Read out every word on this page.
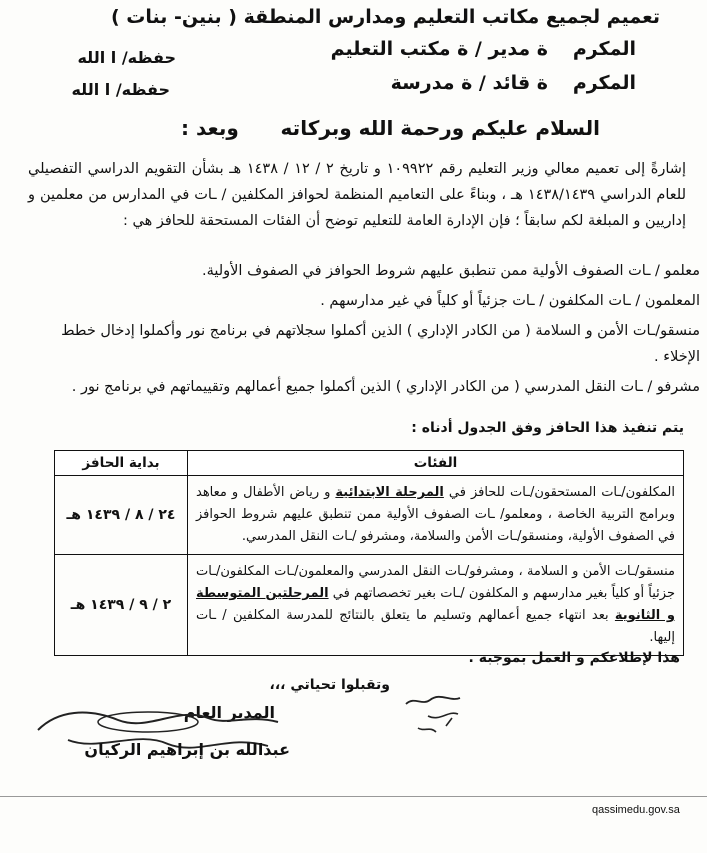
تعميم لجميع مكاتب التعليم ومدارس المنطقة ( بنين- بنات )
المكرم
ة مدير / ة مكتب التعليم
حفظه/ ا الله
المكرم
ة قائد / ة مدرسة
حفظه/ ا الله
السلام عليكم ورحمة الله وبركاته      وبعد :
إشارةً إلى تعميم معالي وزير التعليم رقم ١٠٩٩٢٢ و تاريخ ٢ / ١٢ / ١٤٣٨ هـ بشأن التقويم الدراسي التفصيلي للعام الدراسي ١٤٣٨/١٤٣٩ هـ ، وبناءً على التعاميم المنظمة لحوافز المكلفين / ـات في المدارس من معلمين و إداريين و المبلغة لكم سابقاً ؛ فإن الإدارة العامة للتعليم توضح أن الفئات المستحقة للحافز هي :
• معلمو / ـات الصفوف الأولية ممن تنطبق عليهم شروط الحوافز في الصفوف الأولية.
• المعلمون / ـات المكلفون / ـات جزئياً أو كلياً في غير مدارسهم .
• منسقو/ـات الأمن و السلامة ( من الكادر الإداري ) الذين أكملوا سجلاتهم في برنامج نور وأكملوا إدخال خطط الإخلاء .
• مشرفو / ـات النقل المدرسي ( من الكادر الإداري ) الذين أكملوا جميع أعمالهم وتقييماتهم في برنامج نور .
يتم تنفيذ هذا الحافز وفق الجدول أدناه :
الفئات	بداية الحافز
المكلفون/ـات المستحقون/ـات للحافز في المرحلة الابتدائية و رياض الأطفال و معاهد وبرامج التربية الخاصة ، ومعلمو/ ـات الصفوف الأولية ممن تنطبق عليهم شروط الحوافز في الصفوف الأولية، ومنسقو/ـات الأمن والسلامة، ومشرفو /ـات النقل المدرسي.	٢٤ / ٨ / ١٤٣٩ هـ
منسقو/ـات الأمن و السلامة ، ومشرفو/ـات النقل المدرسي والمعلمون/ـات المكلفون/ـات جزئياً أو كلياً بغير مدارسهم و المكلفون /ـات بغير تخصصاتهم في المرحلتين المتوسطة و الثانوية بعد انتهاء جميع أعمالهم وتسليم ما يتعلق بالنتائج للمدرسة المكلفين / ـات إليها.	٢ / ٩ / ١٤٣٩ هـ
هذا لإطلاعكم و العمل بموجبه .
وتقبلوا تحياتي ،،،
المدير العام
عبدالله بن إبراهيم الركيان
qassimedu.gov.sa
